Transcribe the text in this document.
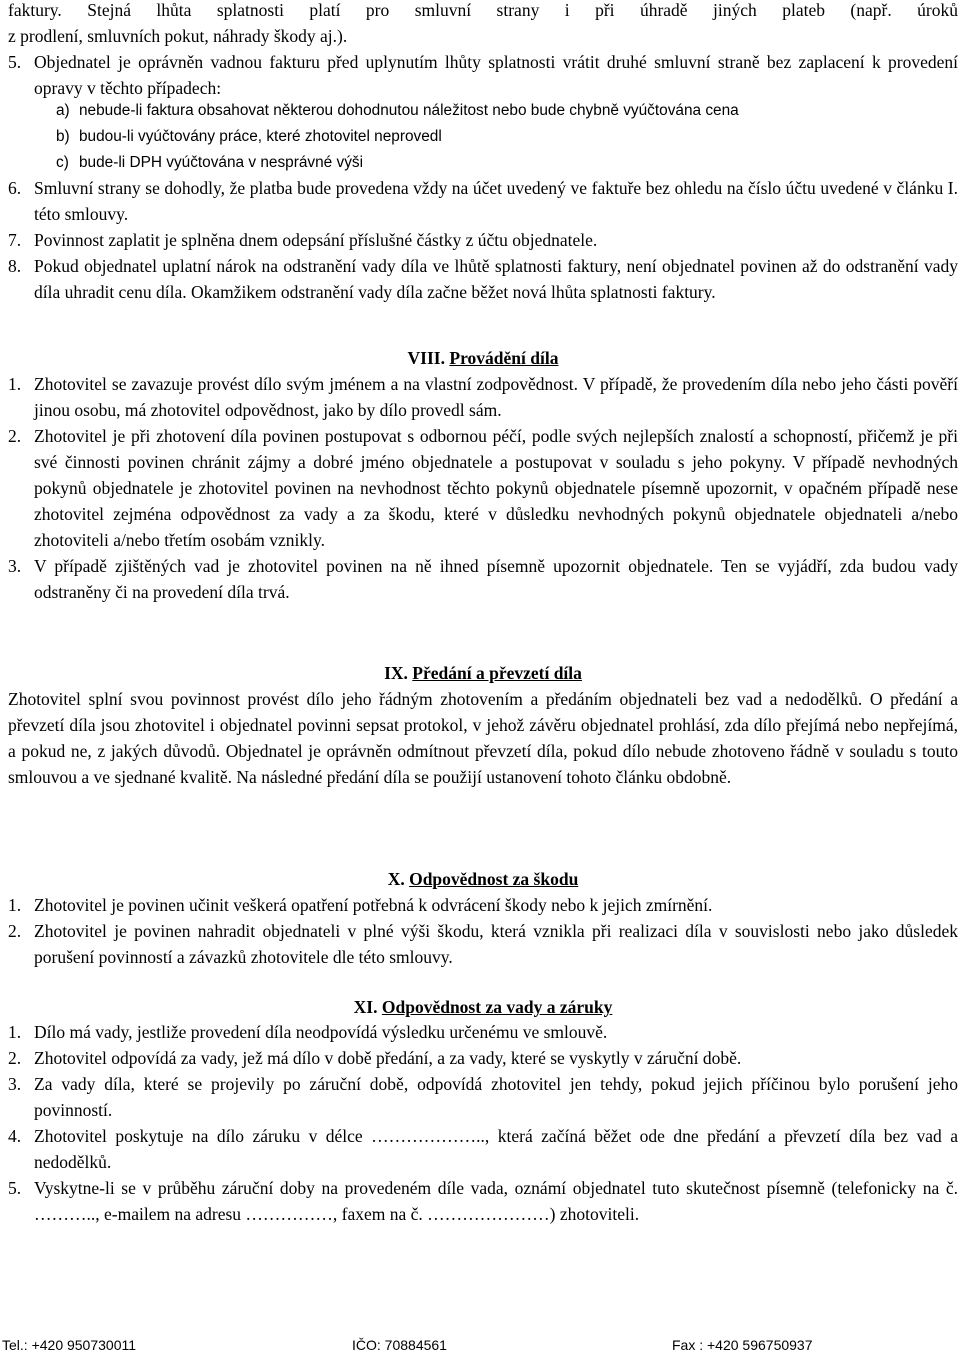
faktury. Stejná lhůta splatnosti platí pro smluvní strany i při úhradě jiných plateb (např. úroků
z prodlení, smluvních pokut, náhrady škody aj.).
5. Objednatel je oprávněn vadnou fakturu před uplynutím lhůty splatnosti vrátit druhé smluvní straně bez zaplacení k provedení opravy v těchto případech:
a) nebude-li faktura obsahovat některou dohodnutou náležitost nebo bude chybně vyúčtována cena
b) budou-li vyúčtovány práce, které zhotovitel neprovedl
c) bude-li DPH vyúčtována v nesprávné výši
6. Smluvní strany se dohodly, že platba bude provedena vždy na účet uvedený ve faktuře bez ohledu na číslo účtu uvedené v článku I. této smlouvy.
7. Povinnost zaplatit je splněna dnem odepsání příslušné částky z účtu objednatele.
8. Pokud objednatel uplatní nárok na odstranění vady díla ve lhůtě splatnosti faktury, není objednatel povinen až do odstranění vady díla uhradit cenu díla. Okamžikem odstranění vady díla začne běžet nová lhůta splatnosti faktury.
VIII. Provádění díla
1. Zhotovitel se zavazuje provést dílo svým jménem a na vlastní zodpovědnost. V případě, že provedením díla nebo jeho části pověří jinou osobu, má zhotovitel odpovědnost, jako by dílo provedl sám.
2. Zhotovitel je při zhotovení díla povinen postupovat s odbornou péčí, podle svých nejlepších znalostí a schopností, přičemž je při své činnosti povinen chránit zájmy a dobré jméno objednatele a postupovat v souladu s jeho pokyny. V případě nevhodných pokynů objednatele je zhotovitel povinen na nevhodnost těchto pokynů objednatele písemně upozornit, v opačném případě nese zhotovitel zejména odpovědnost za vady a za škodu, které v důsledku nevhodných pokynů objednatele objednateli a/nebo zhotoviteli a/nebo třetím osobám vznikly.
3. V případě zjištěných vad je zhotovitel povinen na ně ihned písemně upozornit objednatele. Ten se vyjádří, zda budou vady odstraněny či na provedení díla trvá.
IX. Předání a převzetí díla
Zhotovitel splní svou povinnost provést dílo jeho řádným zhotovením a předáním objednateli bez vad a nedodělků. O předání a převzetí díla jsou zhotovitel i objednatel povinni sepsat protokol, v jehož závěru objednatel prohlásí, zda dílo přejímá nebo nepřejímá, a pokud ne, z jakých důvodů. Objednatel je oprávněn odmítnout převzetí díla, pokud dílo nebude zhotoveno řádně v souladu s touto smlouvou a ve sjednané kvalitě. Na následné předání díla se použijí ustanovení tohoto článku obdobně.
X. Odpovědnost za škodu
1. Zhotovitel je povinen učinit veškerá opatření potřebná k odvrácení škody nebo k jejich zmírnění.
2. Zhotovitel je povinen nahradit objednateli v plné výši škodu, která vznikla při realizaci díla v souvislosti nebo jako důsledek porušení povinností a závazků zhotovitele dle této smlouvy.
XI. Odpovědnost za vady a záruky
1. Dílo má vady, jestliže provedení díla neodpovídá výsledku určenému ve smlouvě.
2. Zhotovitel odpovídá za vady, jež má dílo v době předání, a za vady, které se vyskytly v záruční době.
3. Za vady díla, které se projevily po záruční době, odpovídá zhotovitel jen tehdy, pokud jejich příčinou bylo porušení jeho povinností.
4. Zhotovitel poskytuje na dílo záruku v délce ……………….., která začíná běžet ode dne předání a převzetí díla bez vad a nedodělků.
5. Vyskytne-li se v průběhu záruční doby na provedeném díle vada, oznámí objednatel tuto skutečnost písemně (telefonicky na č. ……….., e-mailem na adresu ……………, faxem na č. …………………) zhotoviteli.
Tel.: +420 950730011	IČO: 70884561	Fax : +420 596750937
